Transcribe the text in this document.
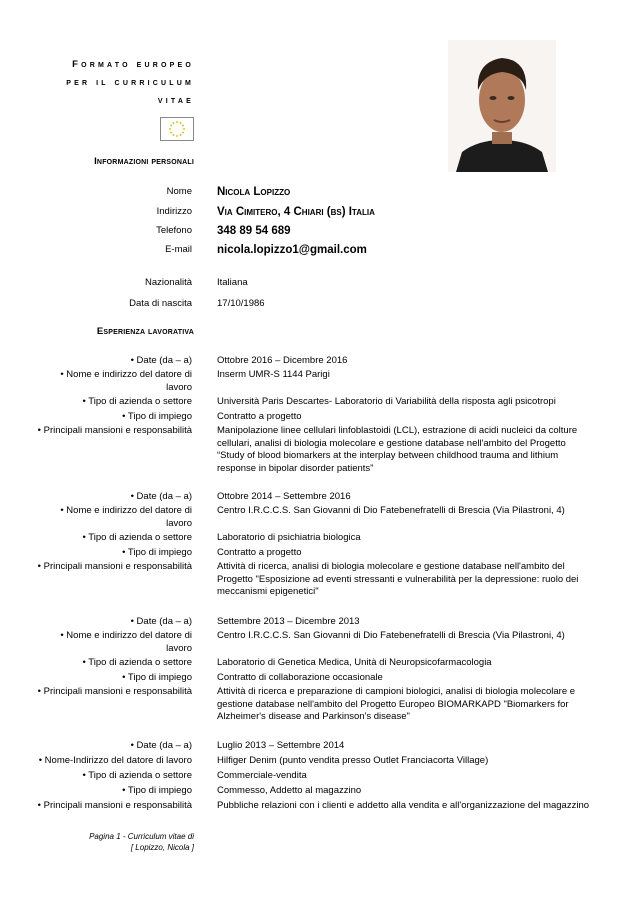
Formato europeo
per il curriculum
vitae
Informazioni personali
Nome Nicola Lopizzo
Indirizzo Via Cimitero, 4 Chiari (bs) Italia
Telefono 348 89 54 689
E-mail nicola.lopizzo1@gmail.com
Nazionalità	Italiana
Data di nascita	17/10/1986
Esperienza lavorativa
• Date (da – a)	Ottobre 2016 – Dicembre 2016
• Nome e indirizzo del datore di lavoro
Inserm UMR-S 1144 Parigi
• Tipo di azienda o settore	Università Paris Descartes- Laboratorio di Variabilità della risposta agli psicotropi
• Tipo di impiego	Contratto a progetto
• Principali mansioni e responsabilità	Manipolazione linee cellulari linfoblastoidi (LCL), estrazione di acidi nucleici da colture cellulari, analisi di biologia molecolare e gestione database nell'ambito del Progetto “Study of blood biomarkers at the interplay between childhood trauma and lithium response in bipolar disorder patients”
• Date (da – a)	Ottobre 2014 – Settembre 2016
• Nome e indirizzo del datore di lavoro
Centro I.R.C.C.S. San Giovanni di Dio Fatebenefratelli di Brescia (Via Pilastroni, 4)
• Tipo di azienda o settore	Laboratorio di psichiatria biologica
• Tipo di impiego	Contratto a progetto
• Principali mansioni e responsabilità	Attività di ricerca, analisi di biologia molecolare e gestione database nell'ambito del Progetto "Esposizione ad eventi stressanti e vulnerabilità per la depressione: ruolo dei meccanismi epigenetici"
• Date (da – a)	Settembre 2013 – Dicembre 2013
• Nome e indirizzo del datore di lavoro
Centro I.R.C.C.S. San Giovanni di Dio Fatebenefratelli di Brescia (Via Pilastroni, 4)
• Tipo di azienda o settore	Laboratorio di Genetica Medica, Unità di Neuropsicofarmacologia
• Tipo di impiego	Contratto di collaborazione occasionale
• Principali mansioni e responsabilità	Attività di ricerca e preparazione di campioni biologici, analisi di biologia molecolare e gestione database nell'ambito del Progetto Europeo BIOMARKAPD "Biomarkers for Alzheimer's disease and Parkinson's disease"
• Date (da – a)	Luglio 2013 – Settembre 2014
• Nome-Indirizzo del datore di lavoro	Hilfiger Denim (punto vendita presso Outlet Franciacorta Village)
• Tipo di azienda o settore	Commerciale-vendita
• Tipo di impiego	Commesso, Addetto al magazzino
• Principali mansioni e responsabilità	Pubbliche relazioni con i clienti e addetto alla vendita e all'organizzazione del magazzino
Pagina 1 - Curriculum vitae di
[ Lopizzo, Nicola ]
